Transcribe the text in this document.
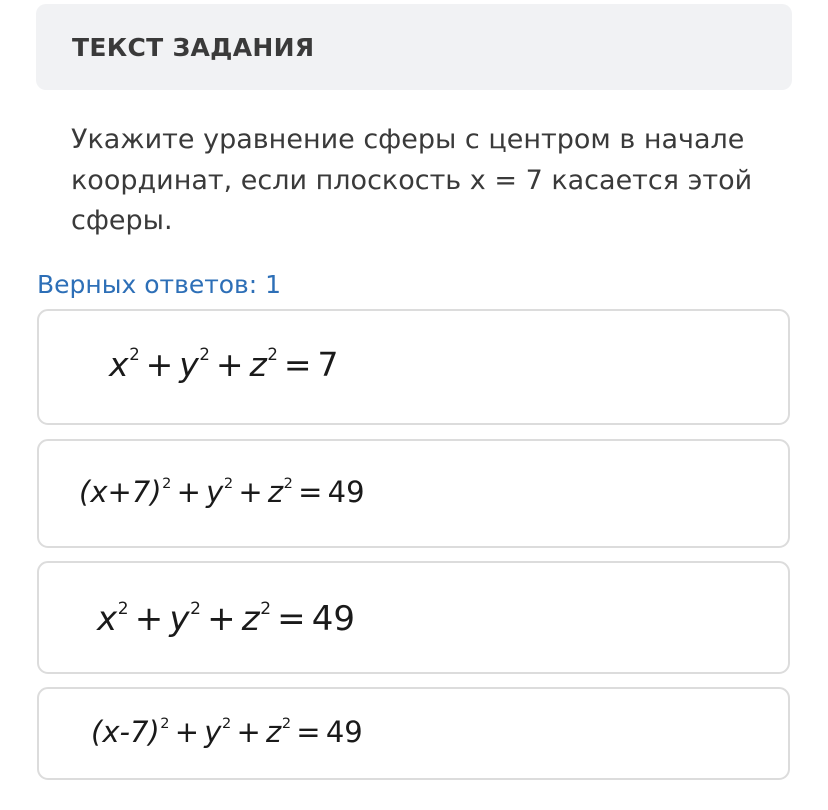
ТЕКСТ ЗАДАНИЯ
Укажите уравнение сферы с центром в начале координат, если плоскость x = 7 касается этой сферы.
Верных ответов: 1
$x^2 + y^2 + z^2 = 7$
$(x+7)^2 + y^2 + z^2 = 49$
$x^2 + y^2 + z^2 = 49$
$(x-7)^2 + y^2 + z^2 = 49$
